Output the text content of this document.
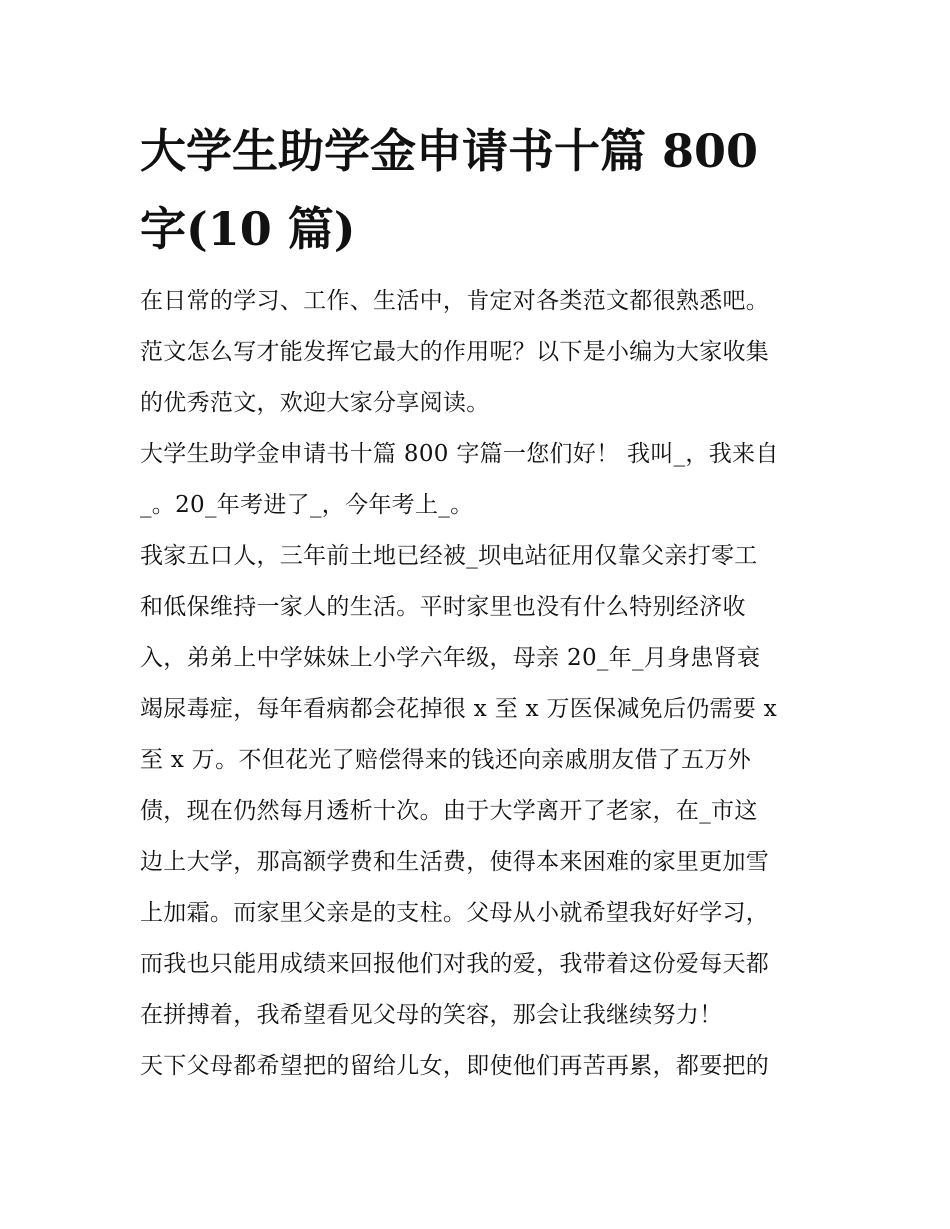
大学生助学金申请书十篇 800
字(10 篇)
在日常的学习、工作、生活中，肯定对各类范文都很熟悉吧。
范文怎么写才能发挥它最大的作用呢？以下是小编为大家收集
的优秀范文，欢迎大家分享阅读。
大学生助学金申请书十篇 800 字篇一您们好！ 我叫_，我来自
_。20_年考进了_，今年考上_。
我家五口人，三年前土地已经被_坝电站征用仅靠父亲打零工
和低保维持一家人的生活。平时家里也没有什么特别经济收
入，弟弟上中学妹妹上小学六年级，母亲 20_年_月身患肾衰
竭尿毒症，每年看病都会花掉很 x 至 x 万医保减免后仍需要 x
至 x 万。不但花光了赔偿得来的钱还向亲戚朋友借了五万外
债，现在仍然每月透析十次。由于大学离开了老家，在_市这
边上大学，那高额学费和生活费，使得本来困难的家里更加雪
上加霜。而家里父亲是的支柱。父母从小就希望我好好学习，
而我也只能用成绩来回报他们对我的爱，我带着这份爱每天都
在拼搏着，我希望看见父母的笑容，那会让我继续努力！
天下父母都希望把的留给儿女，即使他们再苦再累，都要把的
